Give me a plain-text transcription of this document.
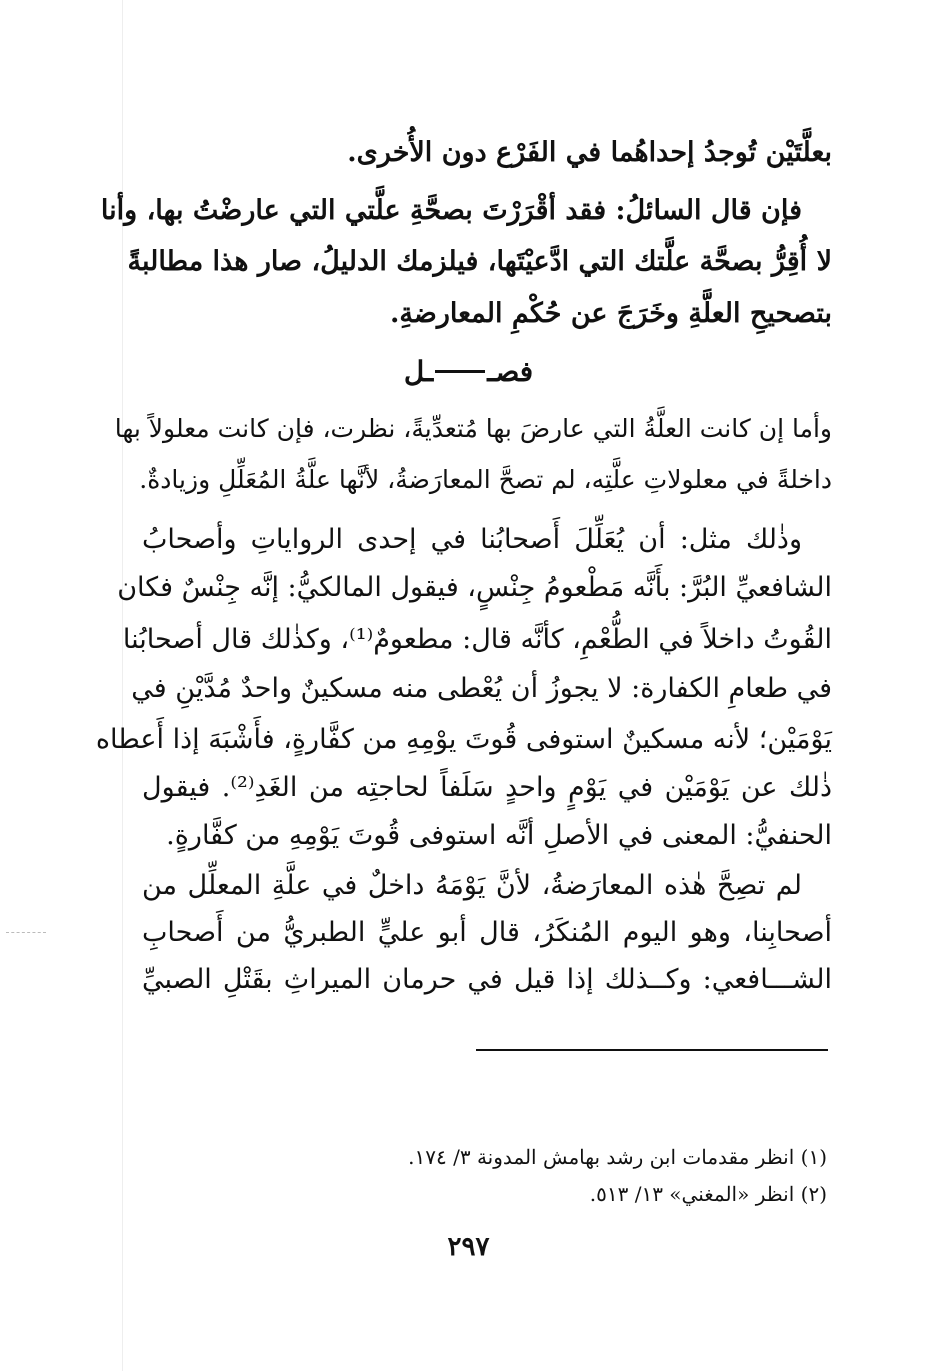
بعلَّتَيْن تُوجدُ إحداهُما في الفَرْع دون الأُخرى.

فإن قال السائلُ: فقد أقْرَرْتَ بصحَّةِ علَّتي التي عارضْتُ بها، وأنا

لا أُقِرُّ بصحَّة علَّتك التي ادَّعيْتَها، فيلزمك الدليلُ، صار هذا مطالبةً

بتصحيحِ العلَّةِ وخَرَجَ عن حُكْمِ المعارضةِ.

فصــل

وأما إن كانت العلَّةُ التي عارضَ بها مُتعدِّيةً، نظرت، فإن كانت معلولاً بها

داخلةً في معلولاتِ علَّتِه، لم تصحَّ المعارَضةُ، لأنَّها علَّةُ المُعَلِّلِ وزيادةٌ.

وذٰلك مثل: أن يُعَلِّلَ أَصحابُنا في إحدى الرواياتِ وأصحابُ

الشافعيِّ البُرَّ: بأَنَّه مَطْعومُ جِنْسٍ، فيقول المالكيُّ: إنَّه جِنْسٌ فكان

القُوتُ داخلاً في الطُّعْمِ، كأنَّه قال: مطعومٌ⁽¹⁾، وكذٰلك قال أصحابُنا

في طعامِ الكفارة: لا يجوزُ أن يُعْطى منه مسكينٌ واحدٌ مُدَّيْنِ في

يَوْمَيْن؛ لأنه مسكينٌ استوفى قُوتَ يوْمِهِ من كفَّارةٍ، فأَشْبَهَ إذا أَعطاه

ذٰلك عن يَوْمَيْن في يَوْمٍ واحدٍ سَلَفاً لحاجتِه من الغَدِ⁽²⁾. فيقول

الحنفيُّ: المعنى في الأصلِ أنَّه استوفى قُوتَ يَوْمِهِ من كفَّارةٍ.

لم تصِحَّ هٰذه المعارَضةُ، لأنَّ يَوْمَهُ داخلٌ في علَّةِ المعلِّل من

أصحابِنا، وهو اليوم المُنكَرُ، قال أبو عليٍّ الطبريُّ من أَصحابِ

الشـــافعي: وكــذلك إذا قيل في حرمان الميراثِ بقَتْلِ الصبيِّ

(١) انظر مقدمات ابن رشد بهامش المدونة ٣/ ١٧٤.

(٢) انظر «المغني» ١٣/ ٥١٣.

٢٩٧
